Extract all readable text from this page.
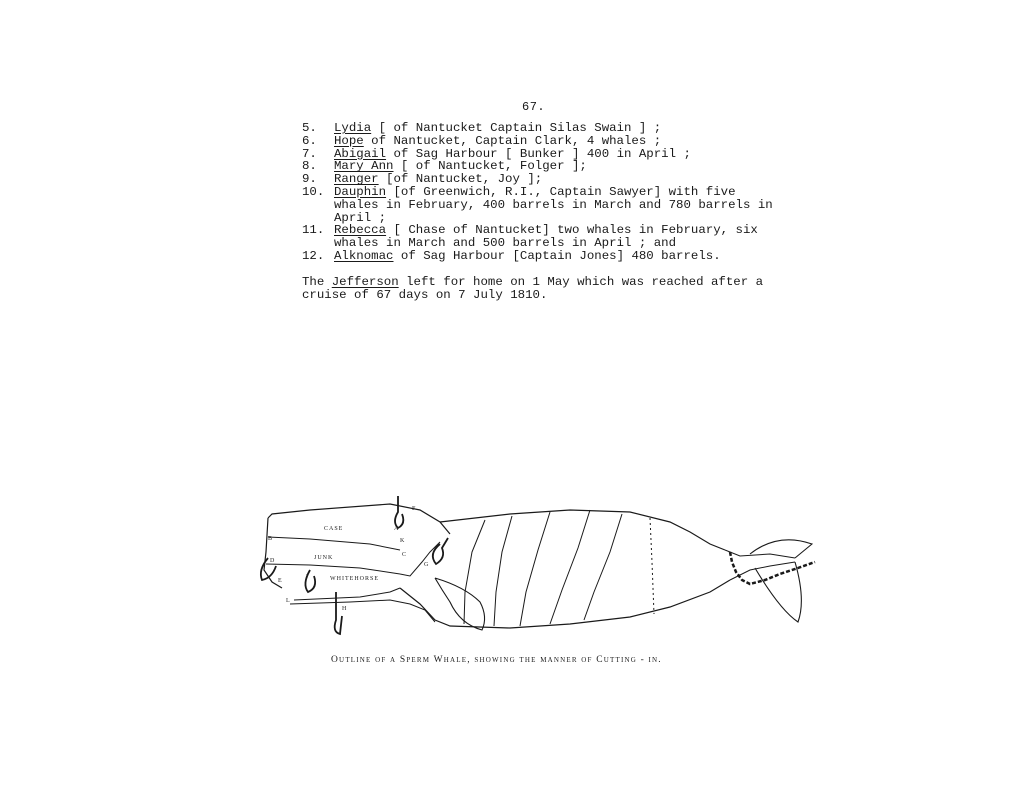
67.
5.	Lydia [ of Nantucket Captain Silas Swain ] ;
6.	Hope of Nantucket, Captain Clark, 4 whales ;
7.	Abigail of Sag Harbour [ Bunker ] 400 in April ;
8.	Mary Ann [ of Nantucket, Folger ];
9.	Ranger [of Nantucket, Joy ];
10. Dauphin [of Greenwich, R.I., Captain Sawyer] with five whales in February, 400 barrels in March and 780 barrels in April ;
11. Rebecca [ Chase of Nantucket] two whales in February, six whales in March and 500 barrels in April ; and
12. Alknomac of Sag Harbour [Captain Jones] 480 barrels.
The Jefferson left for home on 1 May which was reached after a cruise of 67 days on 7 July 1810.
CASE
JUNK
WHITEHORSE
A
B
C
D
E
F
G
H
I
K
L
Outline of a Sperm Whale, showing the manner of Cutting - in.
